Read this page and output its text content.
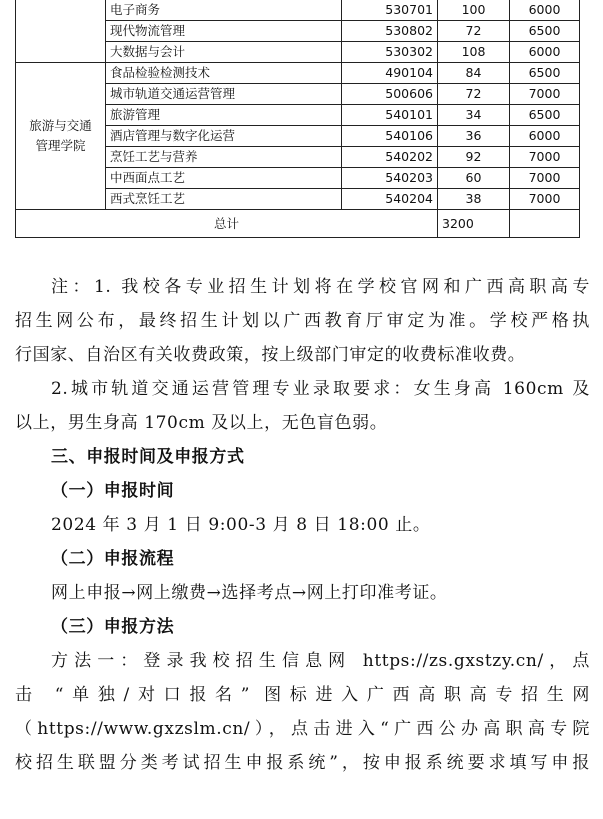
	电子商务	530701	100	6000
	现代物流管理	530802	72	6500
	大数据与会计	530302	108	6000
旅游与交通
管理学院	食品检验检测技术	490104	84	6500
	城市轨道交通运营管理	500606	72	7000
	旅游管理	540101	34	6500
	酒店管理与数字化运营	540106	36	6000
	烹饪工艺与营养	540202	92	7000
	中西面点工艺	540203	60	7000
	西式烹饪工艺	540204	38	7000
总计			3200	

注：1. 我校各专业招生计划将在学校官网和广西高职高专

招生网公布，最终招生计划以广西教育厅审定为准。学校严格执

行国家、自治区有关收费政策，按上级部门审定的收费标准收费。

2.城市轨道交通运营管理专业录取要求：女生身高 160cm 及

以上，男生身高 170cm 及以上，无色盲色弱。

三、申报时间及申报方式

（一）申报时间

2024 年 3 月 1 日 9:00-3 月 8 日 18:00 止。

（二）申报流程

网上申报→网上缴费→选择考点→网上打印准考证。

（三）申报方法

方法一：登录我校招生信息网 https://zs.gxstzy.cn/，点

击 “单独/对口报名” 图标进入广西高职高专招生网

（https://www.gxzslm.cn/），点击进入“广西公办高职高专院

校招生联盟分类考试招生申报系统”，按申报系统要求填写申报
